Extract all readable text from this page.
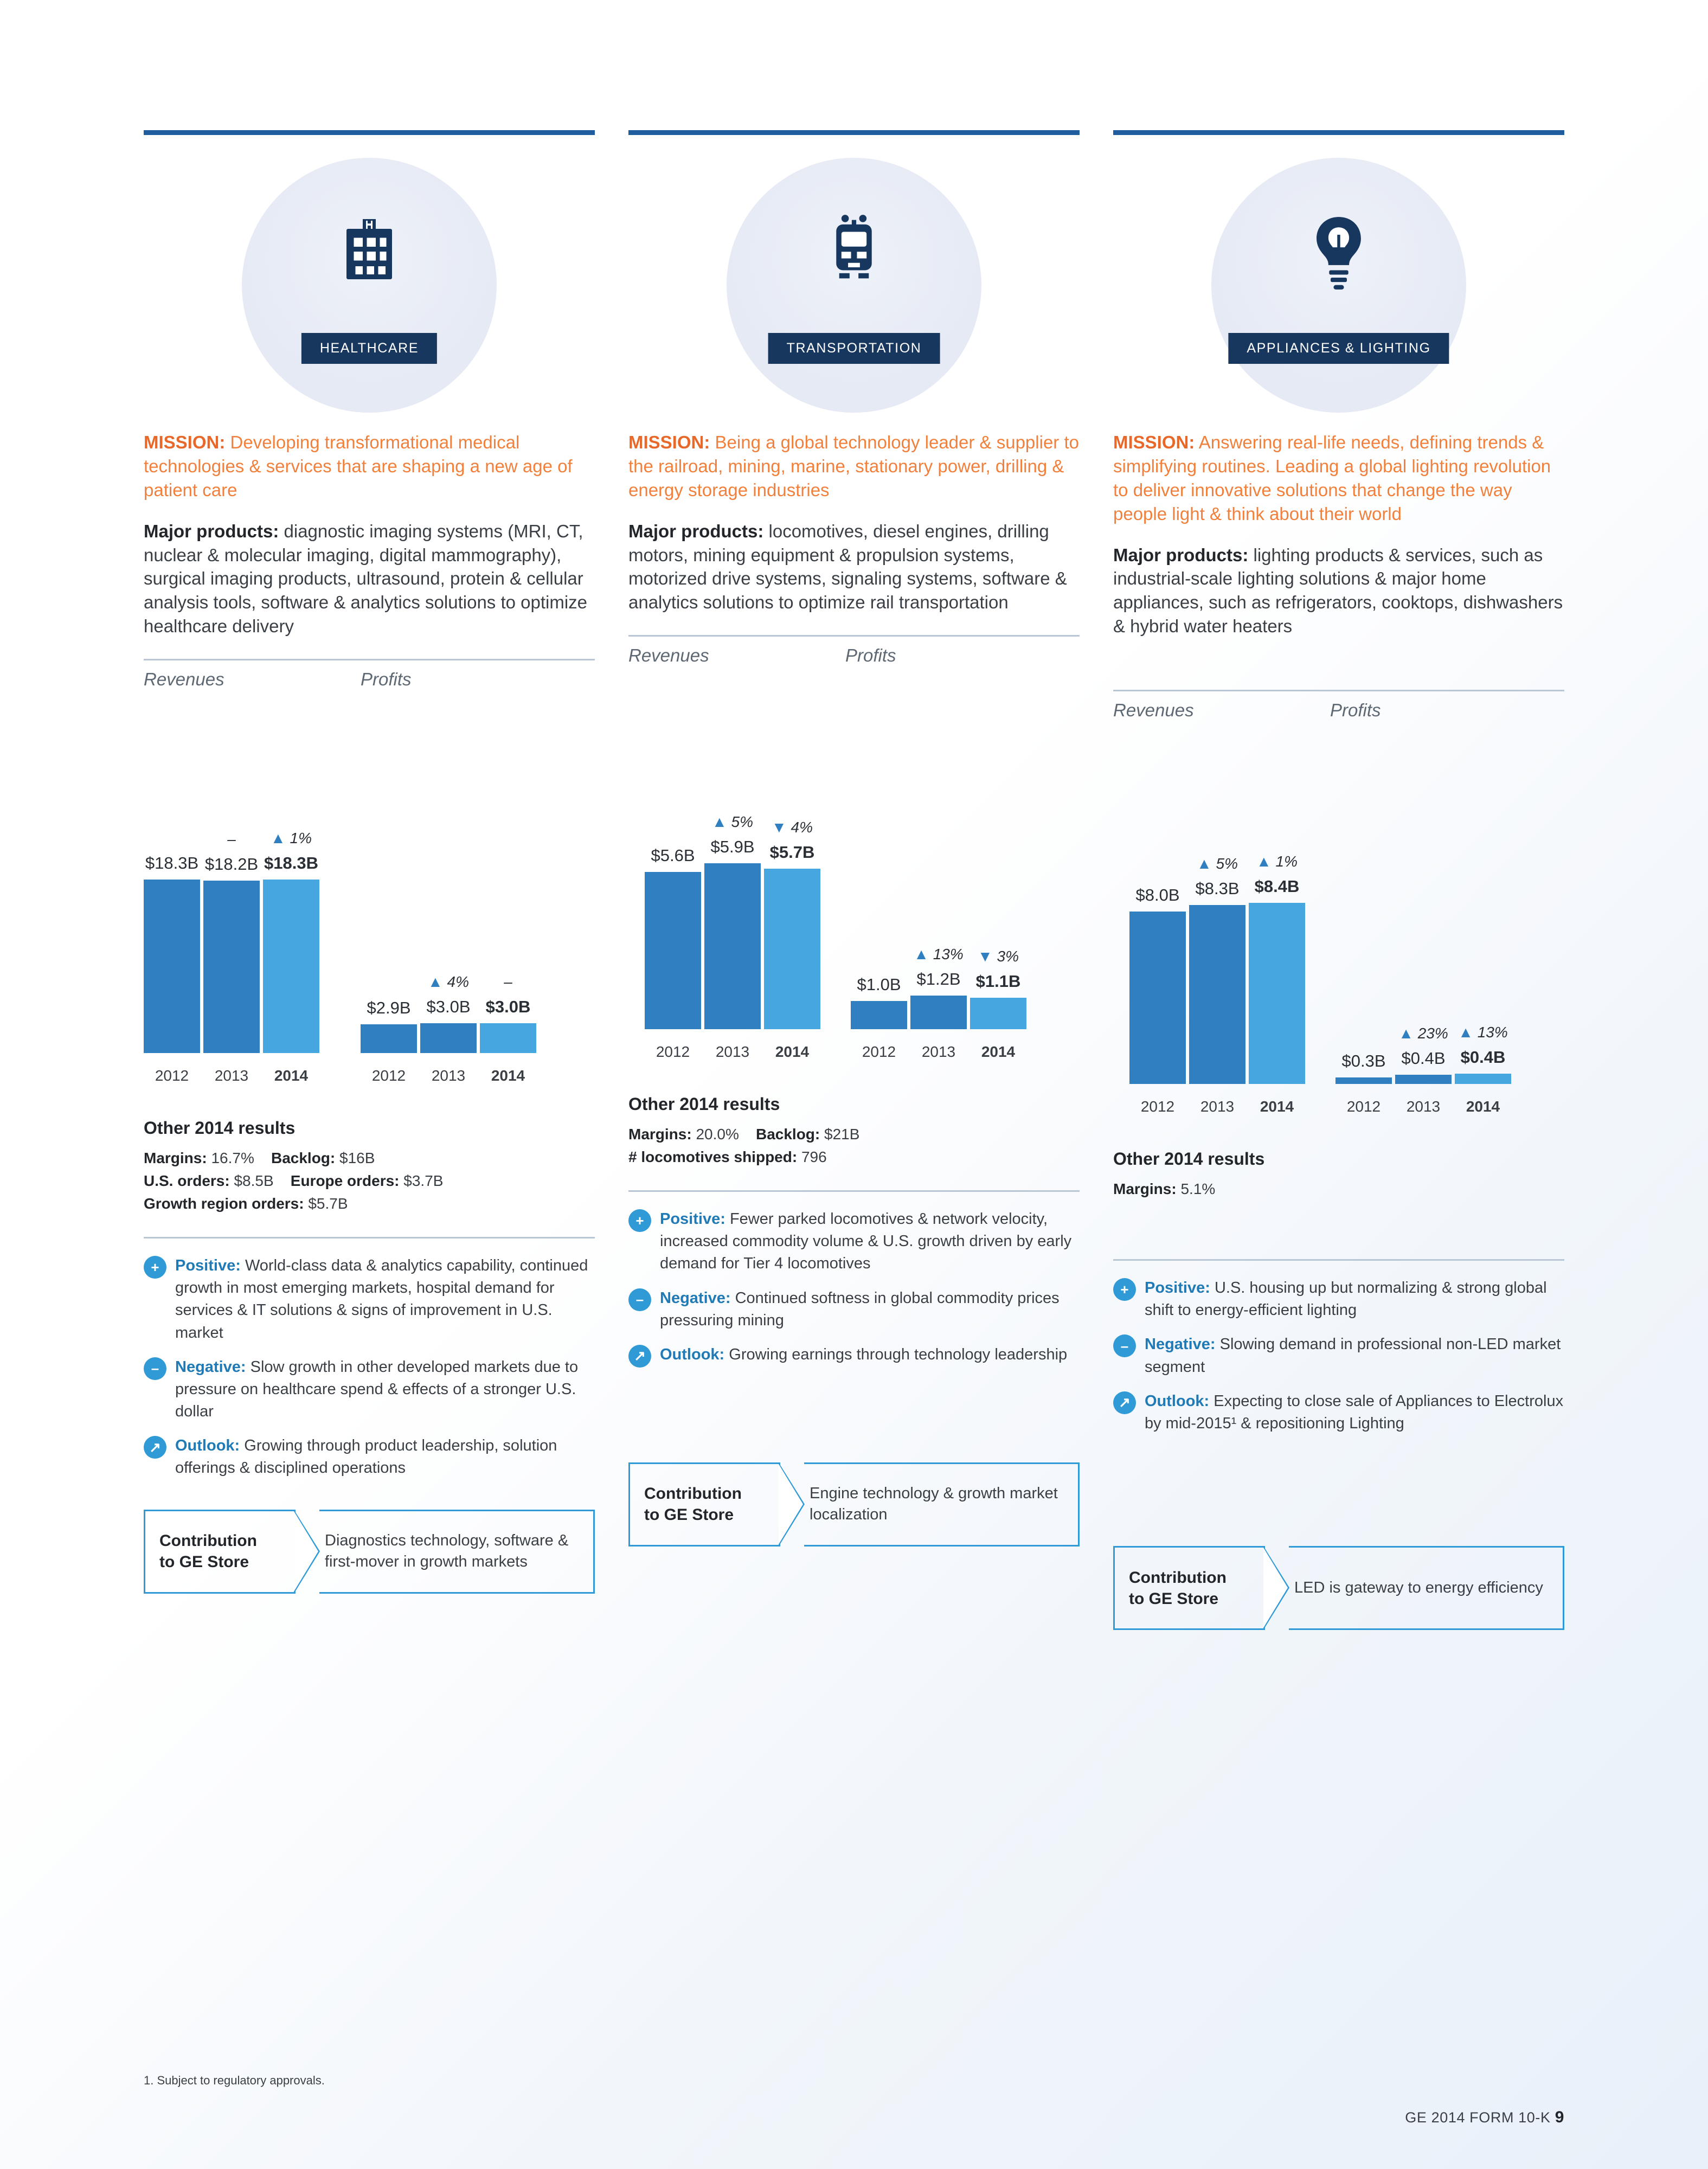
HEALTHCARE

MISSION: Developing transformational medical technologies & services that are shaping a new age of patient care

Major products: diagnostic imaging systems (MRI, CT, nuclear & molecular imaging, digital mammography), surgical imaging products, ultrasound, protein & cellular analysis tools, software & analytics solutions to optimize healthcare delivery

Revenues	Profits
$18.3B $18.2B
–
$18.3B
▲ 1%
2012	2013	2014
$2.9B $3.0B
▲ 4%
$3.0B
–
2012	2013	2014
Other 2014 results
Margins: 16.7%    Backlog: $16B
U.S. orders: $8.5B    Europe orders: $3.7B
Growth region orders: $5.7B
+	Positive: World-class data & analytics capability, continued growth in most emerging markets, hospital demand for services & IT solutions & signs of improvement in U.S. market
–	Negative: Slow growth in other developed markets due to pressure on healthcare spend & effects of a stronger U.S. dollar
↗ Outlook: Growing through product leadership, solution offerings & disciplined operations
Contribution
to GE Store
Diagnostics technology, software & first-mover in growth markets
TRANSPORTATION

MISSION: Being a global technology leader & supplier to the railroad, mining, marine, stationary power, drilling & energy storage industries

Major products: locomotives, diesel engines, drilling motors, mining equipment & propulsion systems, motorized drive systems, signaling systems, software & analytics solutions to optimize rail transportation

Revenues	Profits
$5.6B $5.9B
▲ 5%
$5.7B
▼ 4%
2012	2013	2014
$1.0B $1.2B
▲ 13%
$1.1B
▼ 3%
2012	2013	2014
Other 2014 results
Margins: 20.0%    Backlog: $21B
# locomotives shipped: 796
+	Positive: Fewer parked locomotives & network velocity, increased commodity volume & U.S. growth driven by early demand for Tier 4 locomotives
–	Negative: Continued softness in global commodity prices pressuring mining
↗ Outlook: Growing earnings through technology leadership
Contribution
to GE Store
Engine technology & growth market localization
APPLIANCES & LIGHTING

MISSION: Answering real-life needs, defining trends & simplifying routines. Leading a global lighting revolution to deliver innovative solutions that change the way people light & think about their world

Major products: lighting products & services, such as industrial-scale lighting solutions & major home appliances, such as refrigerators, cooktops, dishwashers & hybrid water heaters

Revenues	Profits
$8.0B $8.3B
▲ 5%
$8.4B
▲ 1%
2012	2013	2014
$0.3B $0.4B
▲ 23%
$0.4B
▲ 13%
2012	2013	2014
Other 2014 results
Margins: 5.1%
+	Positive: U.S. housing up but normalizing & strong global shift to energy-efficient lighting
–	Negative: Slowing demand in professional non-LED market segment
↗ Outlook: Expecting to close sale of Appliances to Electrolux by mid-2015¹ & repositioning Lighting
Contribution
to GE Store
LED is gateway to energy efficiency
1. Subject to regulatory approvals.
GE 2014 FORM 10-K 9
